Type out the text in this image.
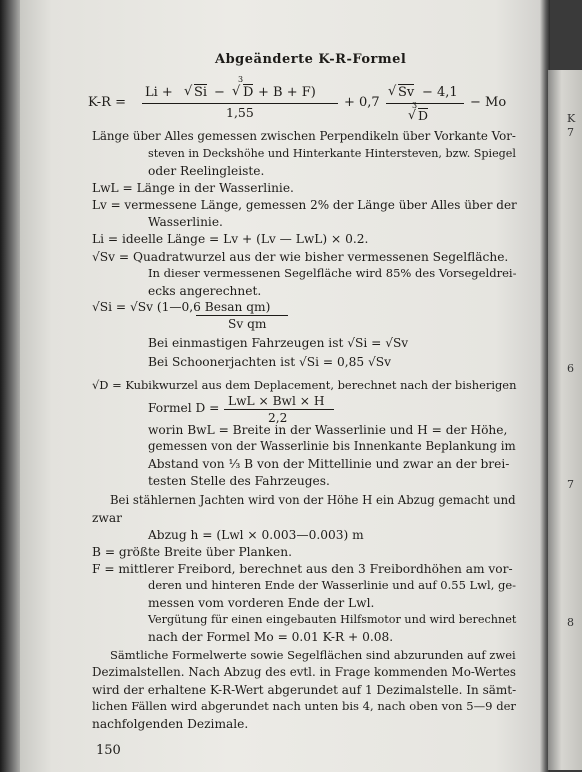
K
7
6
7
8
Abgeänderte K-R-Formel
K-R =
Li + √ Si −
3
√ D + B + F)
1,55
+ 0,7
√ Sv − 4,1
3
√ D
− Mo
Länge über Alles gemessen zwischen Perpendikeln über Vorkante Vor-
steven in Deckshöhe und Hinterkante Hintersteven, bzw. Spiegel
oder Reelingleiste.
LwL = Länge in der Wasserlinie.
Lv = vermessene Länge, gemessen 2% der Länge über Alles über der
Wasserlinie.
Li = ideelle Länge = Lv + (Lv — LwL) × 0.2.
√Sv = Quadratwurzel aus der wie bisher vermessenen Segelfläche.
In dieser vermessenen Segelfläche wird 85% des Vorsegeldrei-
ecks angerechnet.
√Si = √Sv (1—0,6 Besan qm)
Sv qm
Bei einmastigen Fahrzeugen ist √Si = √Sv
Bei Schoonerjachten ist √Si = 0,85 √Sv
√D = Kubikwurzel aus dem Deplacement, berechnet nach der bisherigen
Formel D = LwL × Bwl × H
2,2
worin BwL = Breite in der Wasserlinie und H = der Höhe,
gemessen von der Wasserlinie bis Innenkante Beplankung im
Abstand von ⅓ B von der Mittellinie und zwar an der brei-
testen Stelle des Fahrzeuges.
Bei stählernen Jachten wird von der Höhe H ein Abzug gemacht und
zwar
Abzug h = (Lwl × 0.003—0.003) m
B = größte Breite über Planken.
F = mittlerer Freibord, berechnet aus den 3 Freibordhöhen am vor-
deren und hinteren Ende der Wasserlinie und auf 0.55 Lwl, ge-
messen vom vorderen Ende der Lwl.
Vergütung für einen eingebauten Hilfsmotor und wird berechnet
nach der Formel Mo = 0.01 K-R + 0.08.
Sämtliche Formelwerte sowie Segelflächen sind abzurunden auf zwei
Dezimalstellen. Nach Abzug des evtl. in Frage kommenden Mo-Wertes
wird der erhaltene K-R-Wert abgerundet auf 1 Dezimalstelle. In sämt-
lichen Fällen wird abgerundet nach unten bis 4, nach oben von 5—9 der
nachfolgenden Dezimale.
150
